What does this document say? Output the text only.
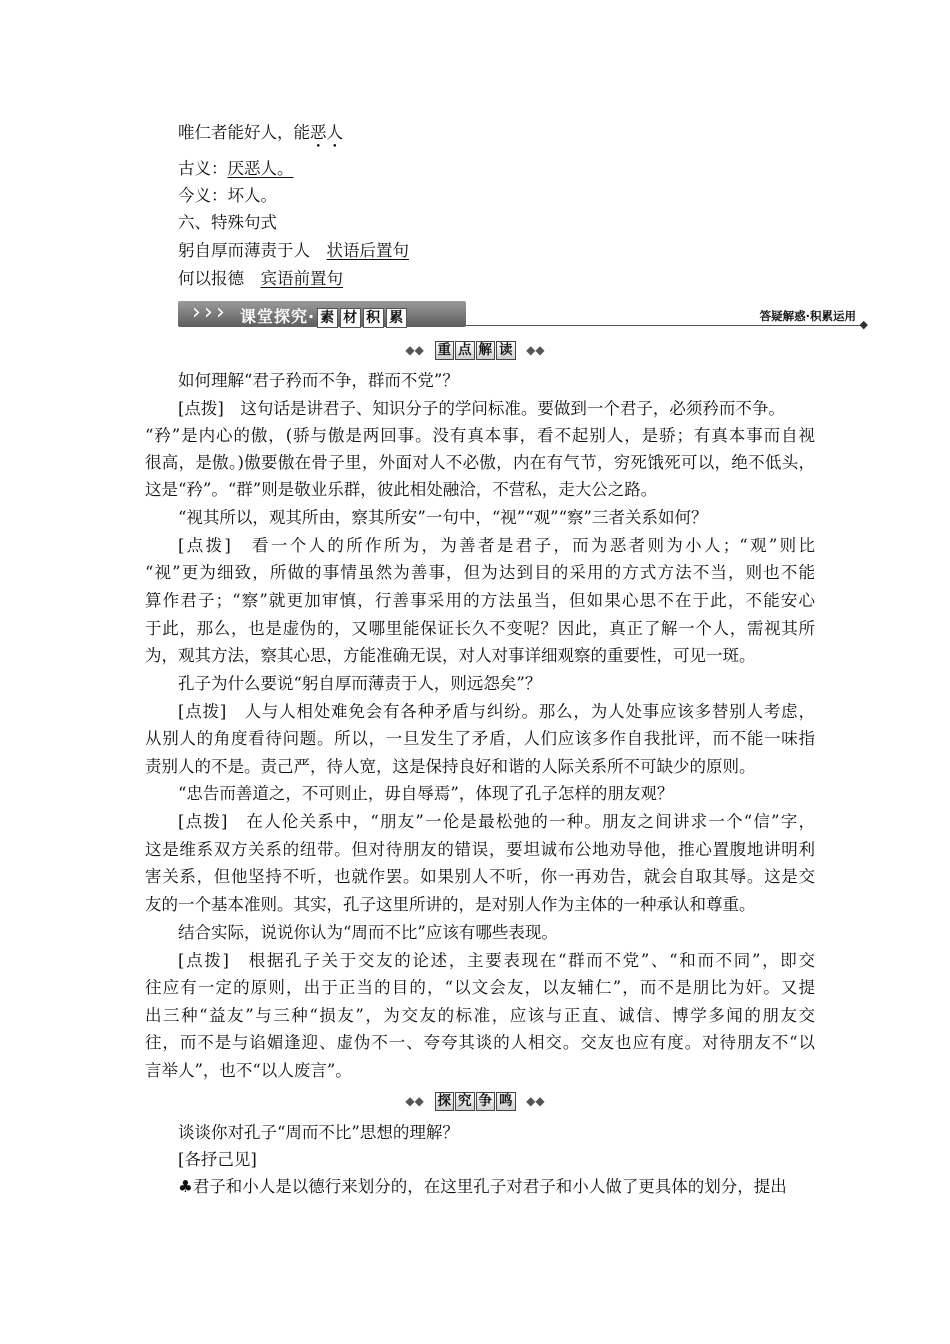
唯仁者能好人，能恶人
古义：厌恶人。
今义：坏人。
六、特殊句式
躬自厚而薄责于人　 状语后置句
何以报德　 宾语前置句
› › › 课堂探究· 素 材 积 累	答疑解惑·积累运用
◆
◆◆ 重 点 解 读 ◆◆
如何理解“君子矜而不争，群而不党”？
[点拨]　这句话是讲君子、知识分子的学问标准。要做到一个君子，必须矜而不争。
“矜”是内心的傲，(骄与傲是两回事。没有真本事，看不起别人，是骄；有真本事而自视
很高，是傲。)傲要傲在骨子里，外面对人不必傲，内在有气节，穷死饿死可以，绝不低头，
这是“矜”。“群”则是敬业乐群，彼此相处融洽，不营私，走大公之路。
“视其所以，观其所由，察其所安”一句中，“视”“观”“察”三者关系如何？
[点拨]　看一个人的所作所为，为善者是君子，而为恶者则为小人；“观”则比
“视”更为细致，所做的事情虽然为善事，但为达到目的采用的方式方法不当，则也不能
算作君子；“察”就更加审慎，行善事采用的方法虽当，但如果心思不在于此，不能安心
于此，那么，也是虚伪的，又哪里能保证长久不变呢？因此，真正了解一个人，需视其所
为，观其方法，察其心思，方能准确无误，对人对事详细观察的重要性，可见一斑。
孔子为什么要说“躬自厚而薄责于人，则远怨矣”？
[点拨]　人与人相处难免会有各种矛盾与纠纷。那么，为人处事应该多替别人考虑，
从别人的角度看待问题。所以，一旦发生了矛盾，人们应该多作自我批评，而不能一味指
责别人的不是。责己严，待人宽，这是保持良好和谐的人际关系所不可缺少的原则。
“忠告而善道之，不可则止，毋自辱焉”，体现了孔子怎样的朋友观？
[点拨]　在人伦关系中，“朋友”一伦是最松弛的一种。朋友之间讲求一个“信”字，
这是维系双方关系的纽带。但对待朋友的错误，要坦诚布公地劝导他，推心置腹地讲明利
害关系，但他坚持不听，也就作罢。如果别人不听，你一再劝告，就会自取其辱。这是交
友的一个基本准则。其实，孔子这里所讲的，是对别人作为主体的一种承认和尊重。
结合实际，说说你认为“周而不比”应该有哪些表现。
[点拨]　根据孔子关于交友的论述，主要表现在“群而不党”、“和而不同”，即交
往应有一定的原则，出于正当的目的，“以文会友，以友辅仁”，而不是朋比为奸。又提
出三种“益友”与三种“损友”，为交友的标准，应该与正直、诚信、博学多闻的朋友交
往，而不是与谄媚逢迎、虚伪不一、夸夸其谈的人相交。交友也应有度。对待朋友不“以
言举人”，也不“以人废言”。
◆◆ 探 究 争 鸣 ◆◆
谈谈你对孔子“周而不比”思想的理解？
[各抒己见]
♣君子和小人是以德行来划分的，在这里孔子对君子和小人做了更具体的划分，提出
